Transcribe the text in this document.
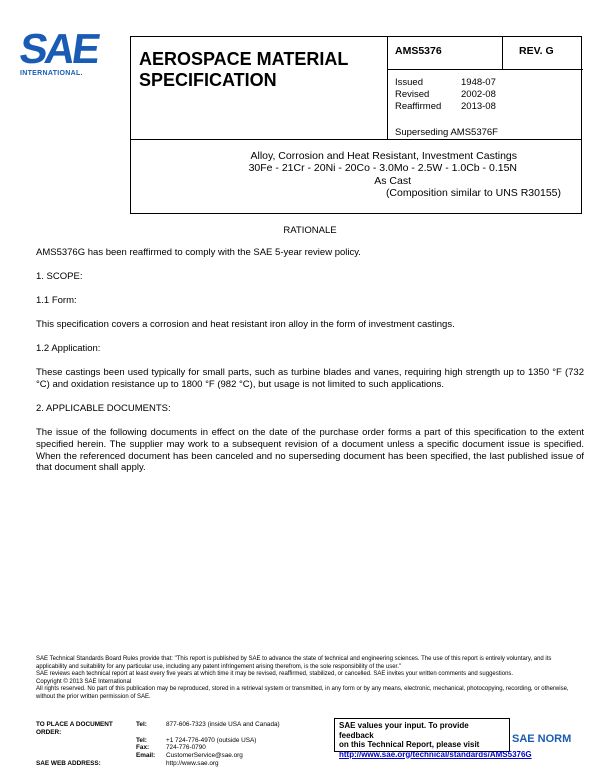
SAE
INTERNATIONAL.
AEROSPACE MATERIAL
SPECIFICATION
AMS5376	REV. G
Issued	1948-07
Revised	2002-08
Reaffirmed	2013-08
Superseding AMS5376F
Alloy, Corrosion and Heat Resistant, Investment Castings
30Fe - 21Cr - 20Ni - 20Co - 3.0Mo - 2.5W - 1.0Cb - 0.15N
As Cast
(Composition similar to UNS R30155)
RATIONALE
AMS5376G has been reaffirmed to comply with the SAE 5-year review policy.
1. SCOPE:
1.1 Form:
This specification covers a corrosion and heat resistant iron alloy in the form of investment castings.
1.2 Application:
These castings been used typically for small parts, such as turbine blades and vanes, requiring high strength up to 1350 °F (732 °C) and oxidation resistance up to 1800 °F (982 °C), but usage is not limited to such applications.
2. APPLICABLE DOCUMENTS:
The issue of the following documents in effect on the date of the purchase order forms a part of this specification to the extent specified herein. The supplier may work to a subsequent revision of a document unless a specific document issue is specified. When the referenced document has been canceled and no superseding document has been specified, the last published issue of that document shall apply.
SAE Technical Standards Board Rules provide that: "This report is published by SAE to advance the state of technical and engineering sciences. The use of this report is entirely voluntary, and its applicability and suitability for any particular use, including any patent infringement arising therefrom, is the sole responsibility of the user."
SAE reviews each technical report at least every five years at which time it may be revised, reaffirmed, stabilized, or cancelled. SAE invites your written comments and suggestions.
Copyright © 2013 SAE International
All rights reserved. No part of this publication may be reproduced, stored in a retrieval system or transmitted, in any form or by any means, electronic, mechanical, photocopying, recording, or otherwise, without the prior written permission of SAE.
TO PLACE A DOCUMENT ORDER:
Tel:	877-606-7323 (inside USA and Canada)
Tel:	+1 724-776-4970 (outside USA)
Fax:	724-776-0790
Email:	CustomerService@sae.org
SAE WEB ADDRESS:	http://www.sae.org
SAE values your input. To provide feedback
on this Technical Report, please visit
http://www.sae.org/technical/standards/AMS5376G
SAE NORM
